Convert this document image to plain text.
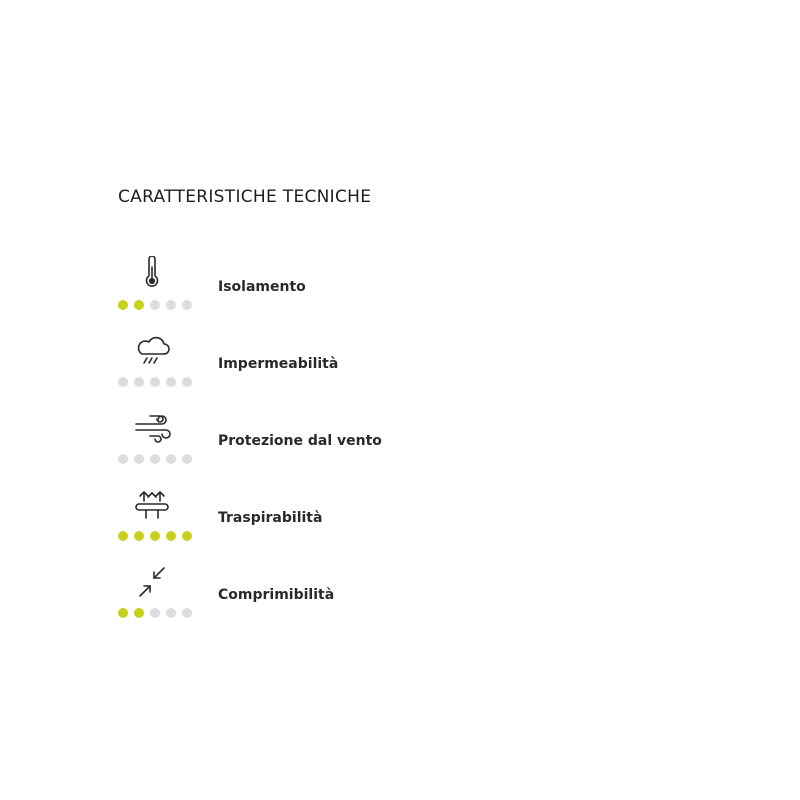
CARATTERISTICHE TECNICHE
Isolamento
Impermeabilità
Protezione dal vento
Traspirabilità
Comprimibilità
